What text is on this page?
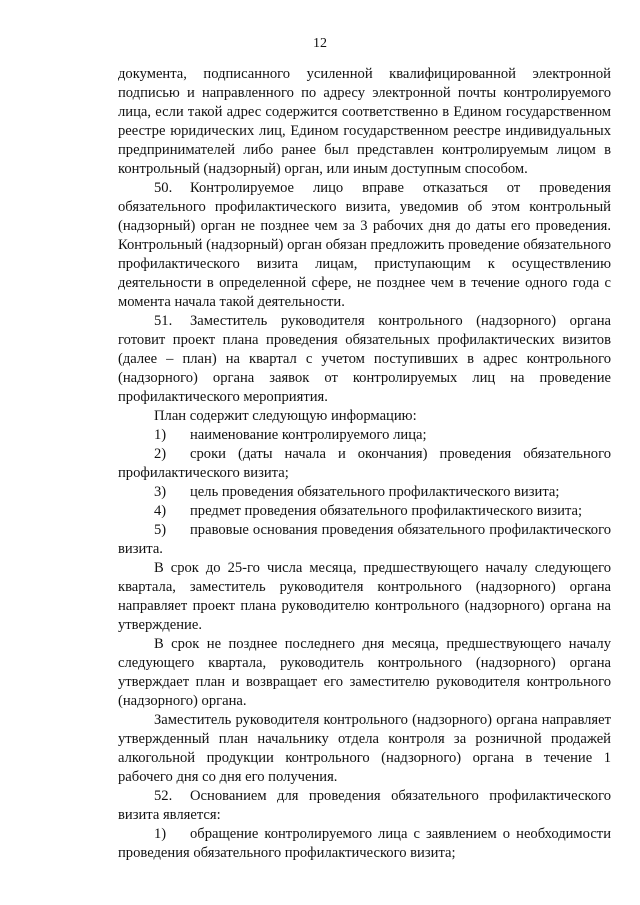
12

документа, подписанного усиленной квалифицированной электронной подписью и направленного по адресу электронной почты контролируемого лица, если такой адрес содержится соответственно в Едином государственном реестре юридических лиц, Едином государственном реестре индивидуальных предпринимателей либо ранее был представлен контролируемым лицом в контрольный (надзорный) орган, или иным доступным способом.

50. Контролируемое лицо вправе отказаться от проведения обязательного профилактического визита, уведомив об этом контрольный (надзорный) орган не позднее чем за 3 рабочих дня до даты его проведения. Контрольный (надзорный) орган обязан предложить проведение обязательного профилактического визита лицам, приступающим к осуществлению деятельности в определенной сфере, не позднее чем в течение одного года с момента начала такой деятельности.

51. Заместитель руководителя контрольного (надзорного) органа готовит проект плана проведения обязательных профилактических визитов (далее – план) на квартал с учетом поступивших в адрес контрольного (надзорного) органа заявок от контролируемых лиц на проведение профилактического мероприятия.

План содержит следующую информацию:

1) наименование контролируемого лица;

2) сроки (даты начала и окончания) проведения обязательного профилактического визита;

3) цель проведения обязательного профилактического визита;

4) предмет проведения обязательного профилактического визита;

5) правовые основания проведения обязательного профилактического визита.

В срок до 25-го числа месяца, предшествующего началу следующего квартала, заместитель руководителя контрольного (надзорного) органа направляет проект плана руководителю контрольного (надзорного) органа на утверждение.

В срок не позднее последнего дня месяца, предшествующего началу следующего квартала, руководитель контрольного (надзорного) органа утверждает план и возвращает его заместителю руководителя контрольного (надзорного) органа.

Заместитель руководителя контрольного (надзорного) органа направляет утвержденный план начальнику отдела контроля за розничной продажей алкогольной продукции контрольного (надзорного) органа в течение 1 рабочего дня со дня его получения.

52. Основанием для проведения обязательного профилактического визита является:

1) обращение контролируемого лица с заявлением о необходимости проведения обязательного профилактического визита;
